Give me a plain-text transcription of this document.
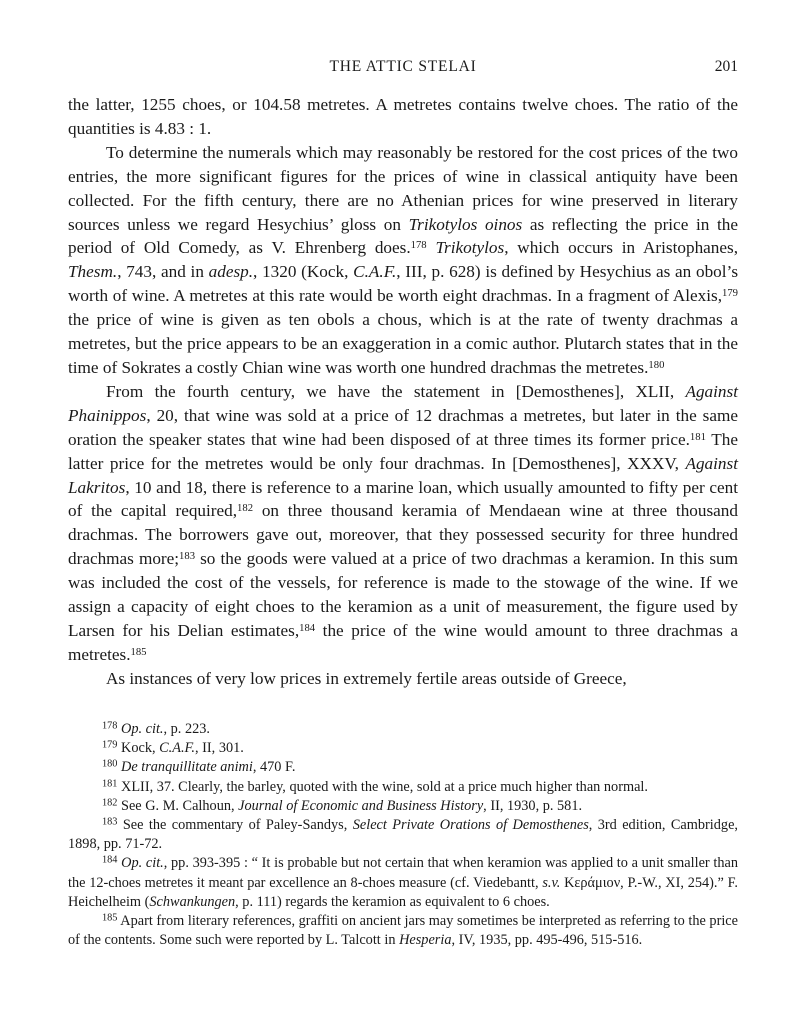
THE ATTIC STELAI	201

the latter, 1255 choes, or 104.58 metretes. A metretes contains twelve choes. The ratio of the quantities is 4.83 : 1.

To determine the numerals which may reasonably be restored for the cost prices of the two entries, the more significant figures for the prices of wine in classical antiquity have been collected. For the fifth century, there are no Athenian prices for wine preserved in literary sources unless we regard Hesychius’ gloss on Trikotylos oinos as reflecting the price in the period of Old Comedy, as V. Ehrenberg does.$^{178}$ Trikotylos, which occurs in Aristophanes, Thesm., 743, and in adesp., 1320 (Kock, C.A.F., III, p. 628) is defined by Hesychius as an obol’s worth of wine. A metretes at this rate would be worth eight drachmas. In a fragment of Alexis,$^{179}$ the price of wine is given as ten obols a chous, which is at the rate of twenty drachmas a metretes, but the price appears to be an exaggeration in a comic author. Plutarch states that in the time of Sokrates a costly Chian wine was worth one hundred drachmas the metretes.$^{180}$

From the fourth century, we have the statement in [Demosthenes], XLII, Against Phainippos, 20, that wine was sold at a price of 12 drachmas a metretes, but later in the same oration the speaker states that wine had been disposed of at three times its former price.$^{181}$ The latter price for the metretes would be only four drachmas. In [Demosthenes], XXXV, Against Lakritos, 10 and 18, there is reference to a marine loan, which usually amounted to fifty per cent of the capital required,$^{182}$ on three thousand keramia of Mendaean wine at three thousand drachmas. The borrowers gave out, moreover, that they possessed security for three hundred drachmas more;$^{183}$ so the goods were valued at a price of two drachmas a keramion. In this sum was included the cost of the vessels, for reference is made to the stowage of the wine. If we assign a capacity of eight choes to the keramion as a unit of measurement, the figure used by Larsen for his Delian estimates,$^{184}$ the price of the wine would amount to three drachmas a metretes.$^{185}$

As instances of very low prices in extremely fertile areas outside of Greece,

$^{178}$ Op. cit., p. 223.

$^{179}$ Kock, C.A.F., II, 301.

$^{180}$ De tranquillitate animi, 470 F.

$^{181}$ XLII, 37. Clearly, the barley, quoted with the wine, sold at a price much higher than normal.

$^{182}$ See G. M. Calhoun, Journal of Economic and Business History, II, 1930, p. 581.

$^{183}$ See the commentary of Paley-Sandys, Select Private Orations of Demosthenes, 3rd edition, Cambridge, 1898, pp. 71-72.

$^{184}$ Op. cit., pp. 393-395 : “ It is probable but not certain that when keramion was applied to a unit smaller than the 12-choes metretes it meant par excellence an 8-choes measure (cf. Viedebantt, s.v. Κεράμιον, P.-W., XI, 254).” F. Heichelheim (Schwankungen, p. 111) regards the keramion as equivalent to 6 choes.

$^{185}$ Apart from literary references, graffiti on ancient jars may sometimes be interpreted as referring to the price of the contents. Some such were reported by L. Talcott in Hesperia, IV, 1935, pp. 495-496, 515-516.
